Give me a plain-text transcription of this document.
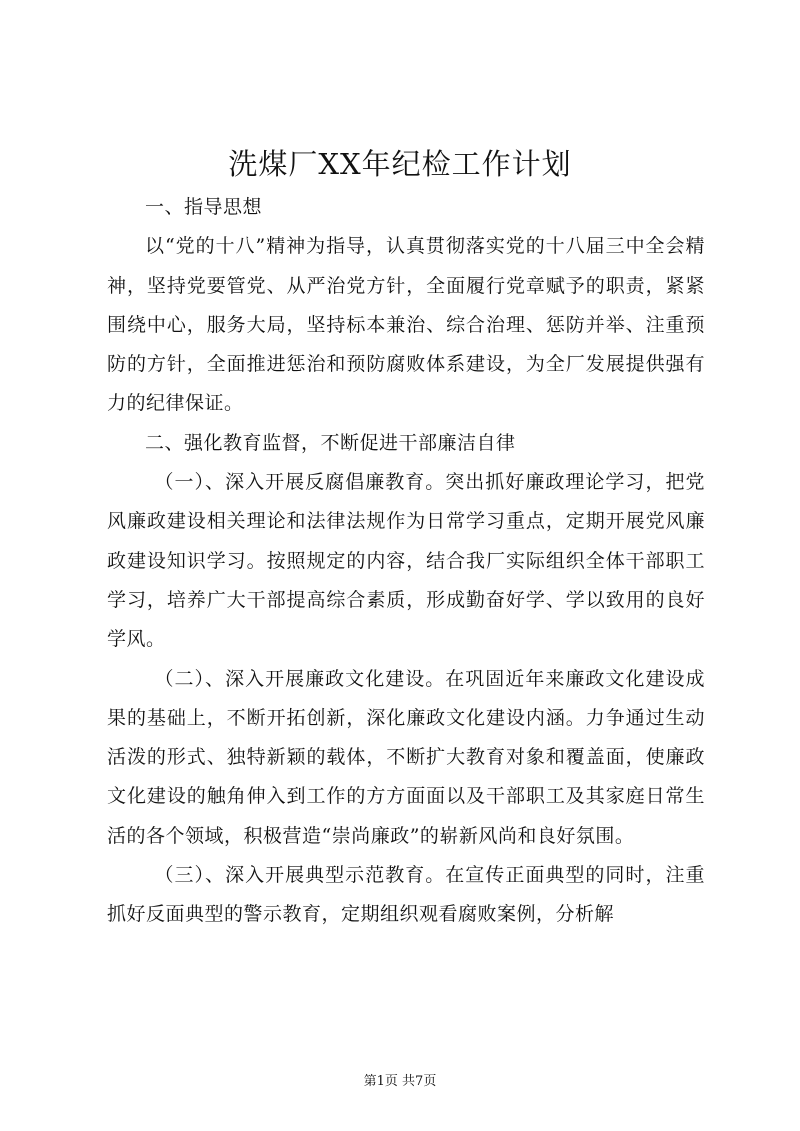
洗煤厂XX年纪检工作计划

一、指导思想

以“党的十八”精神为指导，认真贯彻落实党的十八届三中全会精神，坚持党要管党、从严治党方针，全面履行党章赋予的职责，紧紧围绕中心，服务大局，坚持标本兼治、综合治理、惩防并举、注重预防的方针，全面推进惩治和预防腐败体系建设，为全厂发展提供强有力的纪律保证。

二、强化教育监督，不断促进干部廉洁自律

（一）、深入开展反腐倡廉教育。突出抓好廉政理论学习，把党风廉政建设相关理论和法律法规作为日常学习重点，定期开展党风廉政建设知识学习。按照规定的内容，结合我厂实际组织全体干部职工学习，培养广大干部提高综合素质，形成勤奋好学、学以致用的良好学风。

（二）、深入开展廉政文化建设。在巩固近年来廉政文化建设成果的基础上，不断开拓创新，深化廉政文化建设内涵。力争通过生动活泼的形式、独特新颖的载体，不断扩大教育对象和覆盖面，使廉政文化建设的触角伸入到工作的方方面面以及干部职工及其家庭日常生活的各个领域，积极营造“崇尚廉政”的崭新风尚和良好氛围。

（三）、深入开展典型示范教育。在宣传正面典型的同时，注重抓好反面典型的警示教育，定期组织观看腐败案例，分析解

第1页 共7页
